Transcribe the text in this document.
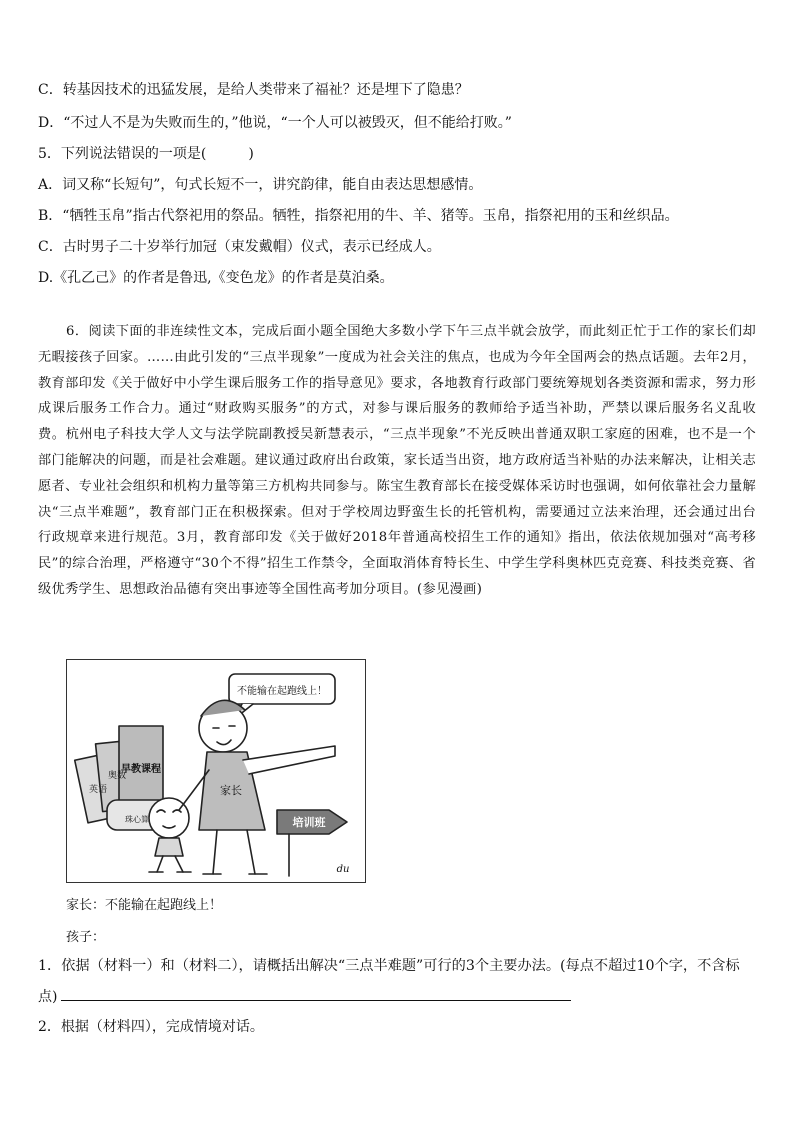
C．转基因技术的迅猛发展，是给人类带来了福祉？还是埋下了隐患？
D．“不过人不是为失败而生的，”他说，“一个人可以被毁灭，但不能给打败。”
5．下列说法错误的一项是(　　　)
A．词又称“长短句”，句式长短不一，讲究韵律，能自由表达思想感情。
B．“牺牲玉帛”指古代祭祀用的祭品。牺牲，指祭祀用的牛、羊、猪等。玉帛，指祭祀用的玉和丝织品。
C．古时男子二十岁举行加冠（束发戴帽）仪式，表示已经成人。
D.《孔乙己》的作者是鲁迅,《变色龙》的作者是莫泊桑。
6．阅读下面的非连续性文本，完成后面小题全国绝大多数小学下午三点半就会放学，而此刻正忙于工作的家长们却无暇接孩子回家。……由此引发的“三点半现象”一度成为社会关注的焦点，也成为今年全国两会的热点话题。去年2月，教育部印发《关于做好中小学生课后服务工作的指导意见》要求，各地教育行政部门要统筹规划各类资源和需求，努力形成课后服务工作合力。通过“财政购买服务”的方式，对参与课后服务的教师给予适当补助，严禁以课后服务名义乱收费。杭州电子科技大学人文与法学院副教授吴新慧表示，“三点半现象”不光反映出普通双职工家庭的困难，也不是一个部门能解决的问题，而是社会难题。建议通过政府出台政策，家长适当出资，地方政府适当补贴的办法来解决，让相关志愿者、专业社会组织和机构力量等第三方机构共同参与。陈宝生教育部长在接受媒体采访时也强调，如何依靠社会力量解决“三点半难题”，教育部门正在积极探索。但对于学校周边野蛮生长的托管机构，需要通过立法来治理，还会通过出台行政规章来进行规范。3月，教育部印发《关于做好2018年普通高校招生工作的通知》指出，依法依规加强对“高考移民”的综合治理，严格遵守“30个不得”招生工作禁令，全面取消体育特长生、中学生学科奥林匹克竞赛、科技类竞赛、省级优秀学生、思想政治品德有突出事迹等全国性高考加分项目。(参见漫画)
不能输在起跑线上！
早教课程
奥数
英语
珠心算
家长
培训班
du
家长：不能输在起跑线上！
孩子：
1．依据（材料一）和（材料二），请概括出解决“三点半难题”可行的3个主要办法。(每点不超过10个字，不含标
点)
2．根据（材料四），完成情境对话。
